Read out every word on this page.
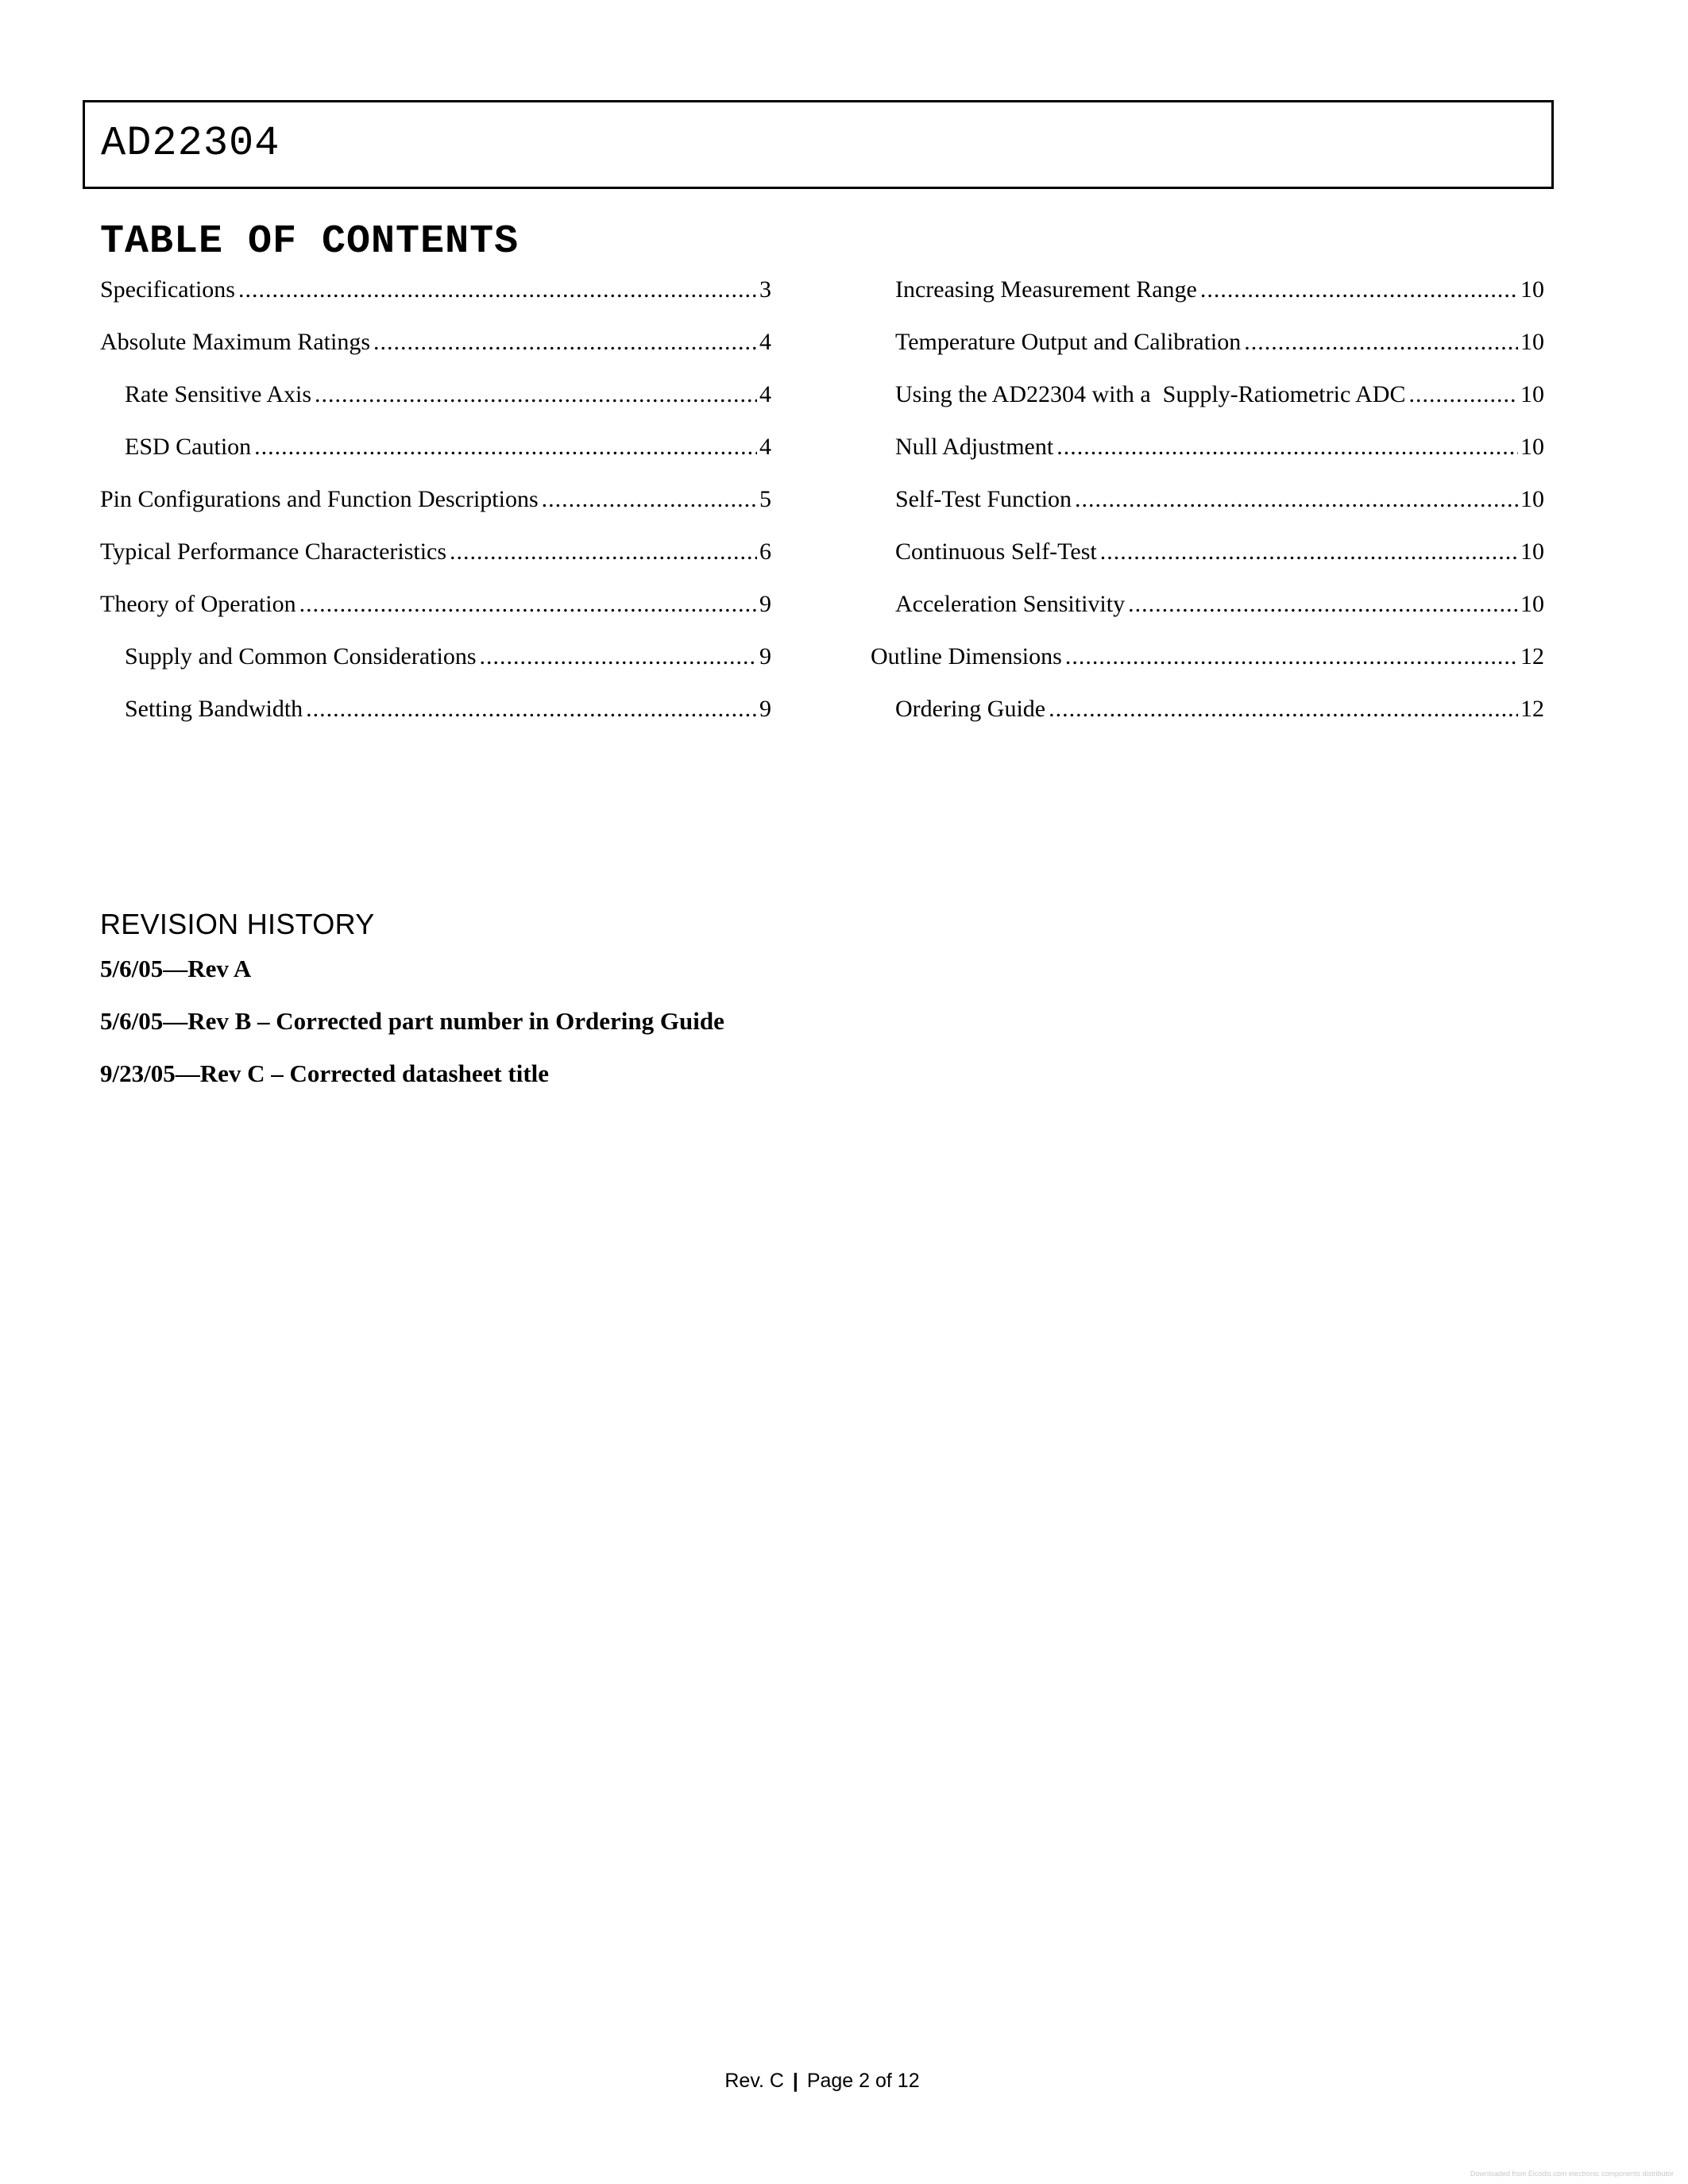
AD22304
TABLE OF CONTENTS
Specifications .....	3
Absolute Maximum Ratings .....	4
Rate Sensitive Axis .....	4
ESD Caution .....	4
Pin Configurations and Function Descriptions .....	5
Typical Performance Characteristics .....	6
Theory of Operation .....	9
Supply and Common Considerations .....	9
Setting Bandwidth .....	9
Increasing Measurement Range .....	10
Temperature Output and Calibration .....	10
Using the AD22304 with a  Supply-Ratiometric ADC .....	10
Null Adjustment .....	10
Self-Test Function .....	10
Continuous Self-Test .....	10
Acceleration Sensitivity .....	10
Outline Dimensions .....	12
Ordering Guide .....	12
REVISION HISTORY
5/6/05—Rev A
5/6/05—Rev B – Corrected part number in Ordering Guide
9/23/05—Rev C – Corrected datasheet title
Rev. C | Page 2 of 12
Downloaded from Elcodis.com electronic components distributor
